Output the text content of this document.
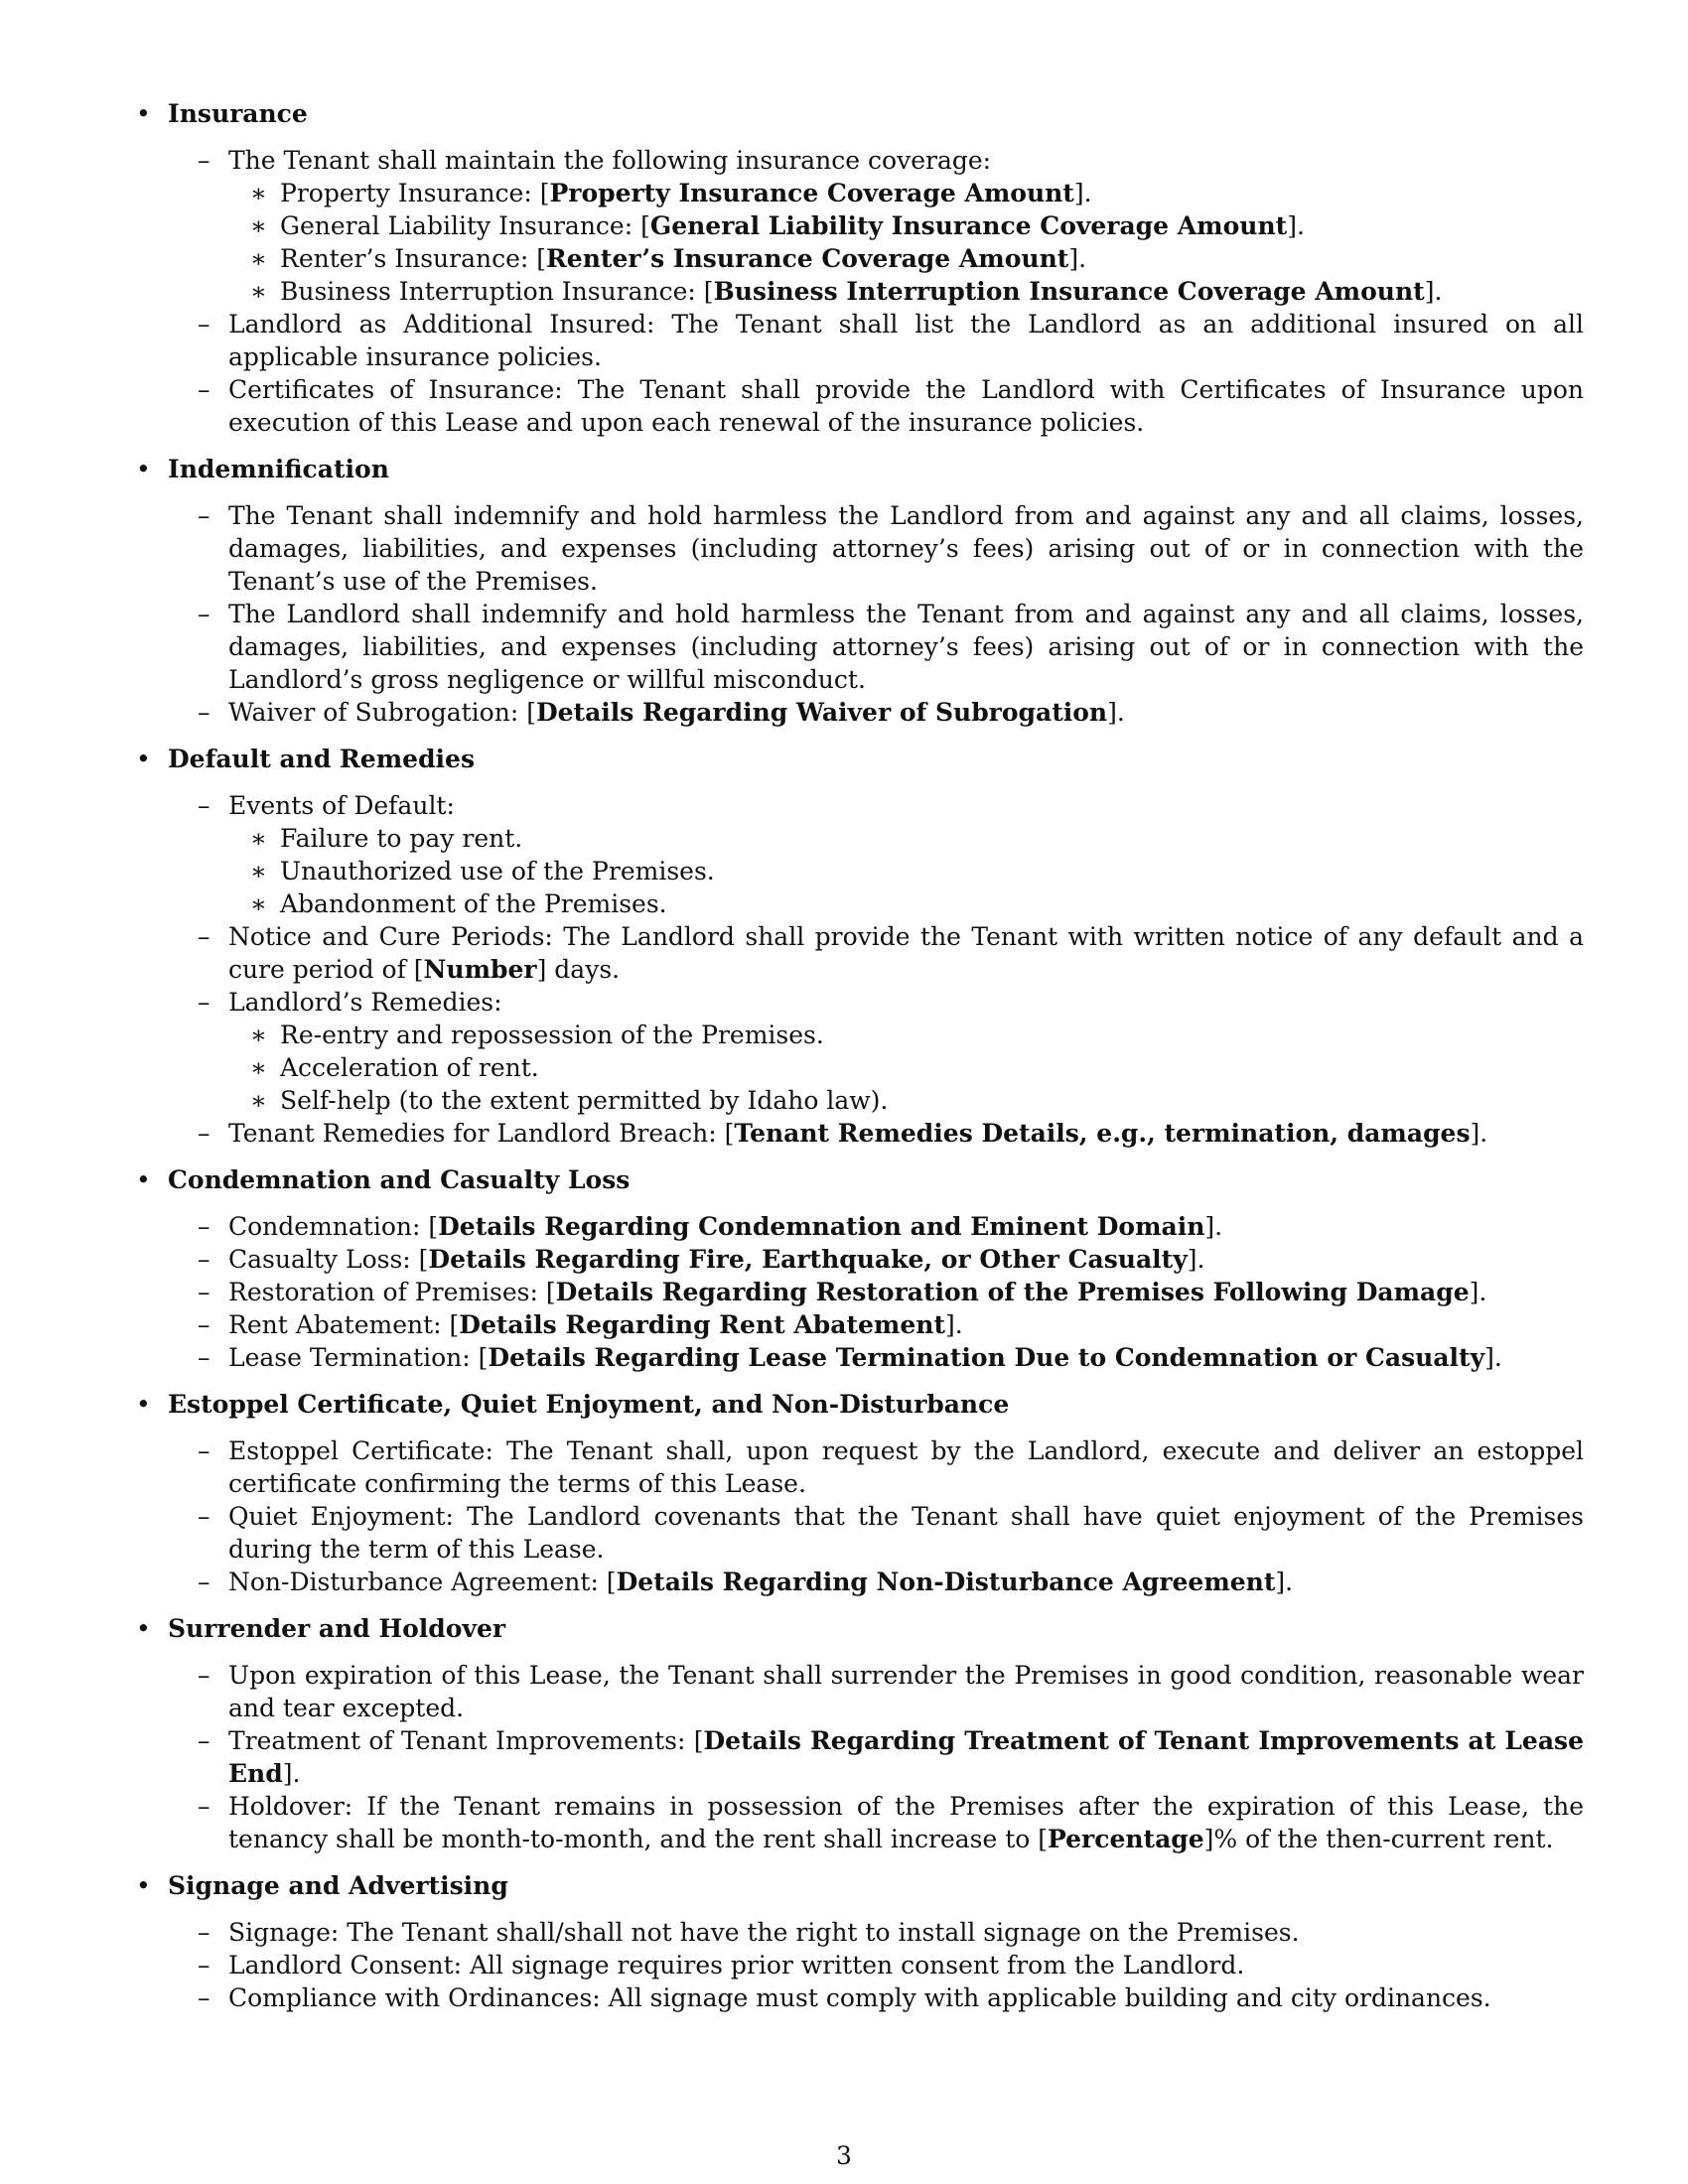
• Insurance
– The Tenant shall maintain the following insurance coverage:
∗ Property Insurance: [Property Insurance Coverage Amount].
∗ General Liability Insurance: [General Liability Insurance Coverage Amount].
∗ Renter’s Insurance: [Renter’s Insurance Coverage Amount].
∗ Business Interruption Insurance: [Business Interruption Insurance Coverage Amount].
– Landlord as Additional Insured: The Tenant shall list the Landlord as an additional insured on all applicable insurance policies.
– Certificates of Insurance: The Tenant shall provide the Landlord with Certificates of Insurance upon execution of this Lease and upon each renewal of the insurance policies.
• Indemnification
– The Tenant shall indemnify and hold harmless the Landlord from and against any and all claims, losses, damages, liabilities, and expenses (including attorney’s fees) arising out of or in connection with the Tenant’s use of the Premises.
– The Landlord shall indemnify and hold harmless the Tenant from and against any and all claims, losses, damages, liabilities, and expenses (including attorney’s fees) arising out of or in connection with the Landlord’s gross negligence or willful misconduct.
– Waiver of Subrogation: [Details Regarding Waiver of Subrogation].
• Default and Remedies
– Events of Default:
∗ Failure to pay rent.
∗ Unauthorized use of the Premises.
∗ Abandonment of the Premises.
– Notice and Cure Periods: The Landlord shall provide the Tenant with written notice of any default and a cure period of [Number] days.
– Landlord’s Remedies:
∗ Re-entry and repossession of the Premises.
∗ Acceleration of rent.
∗ Self-help (to the extent permitted by Idaho law).
– Tenant Remedies for Landlord Breach: [Tenant Remedies Details, e.g., termination, damages].
• Condemnation and Casualty Loss
– Condemnation: [Details Regarding Condemnation and Eminent Domain].
– Casualty Loss: [Details Regarding Fire, Earthquake, or Other Casualty].
– Restoration of Premises: [Details Regarding Restoration of the Premises Following Damage].
– Rent Abatement: [Details Regarding Rent Abatement].
– Lease Termination: [Details Regarding Lease Termination Due to Condemnation or Casualty].
• Estoppel Certificate, Quiet Enjoyment, and Non-Disturbance
– Estoppel Certificate: The Tenant shall, upon request by the Landlord, execute and deliver an estoppel certificate confirming the terms of this Lease.
– Quiet Enjoyment: The Landlord covenants that the Tenant shall have quiet enjoyment of the Premises during the term of this Lease.
– Non-Disturbance Agreement: [Details Regarding Non-Disturbance Agreement].
• Surrender and Holdover
– Upon expiration of this Lease, the Tenant shall surrender the Premises in good condition, reasonable wear and tear excepted.
– Treatment of Tenant Improvements: [Details Regarding Treatment of Tenant Improvements at Lease End].
– Holdover: If the Tenant remains in possession of the Premises after the expiration of this Lease, the tenancy shall be month-to-month, and the rent shall increase to [Percentage]% of the then-current rent.
• Signage and Advertising
– Signage: The Tenant shall/shall not have the right to install signage on the Premises.
– Landlord Consent: All signage requires prior written consent from the Landlord.
– Compliance with Ordinances: All signage must comply with applicable building and city ordinances.
3
